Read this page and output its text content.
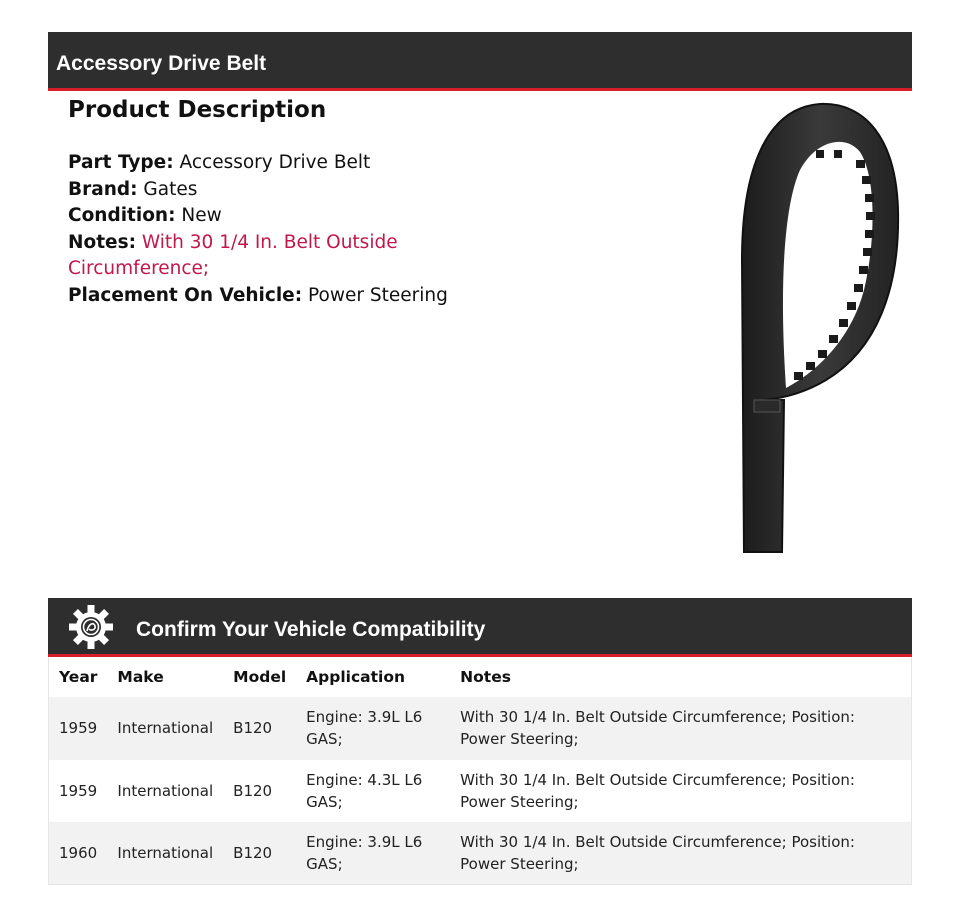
Accessory Drive Belt
Product Description
Part Type: Accessory Drive Belt
Brand: Gates
Condition: New
Notes: With 30 1/4 In. Belt Outside Circumference;
Placement On Vehicle: Power Steering
Confirm Your Vehicle Compatibility
Year	Make	Model	Application	Notes
1959	International	B120	Engine: 3.9L L6 GAS;	With 30 1/4 In. Belt Outside Circumference; Position: Power Steering;
1959	International	B120	Engine: 4.3L L6 GAS;	With 30 1/4 In. Belt Outside Circumference; Position: Power Steering;
1960	International	B120	Engine: 3.9L L6 GAS;	With 30 1/4 In. Belt Outside Circumference; Position: Power Steering;
